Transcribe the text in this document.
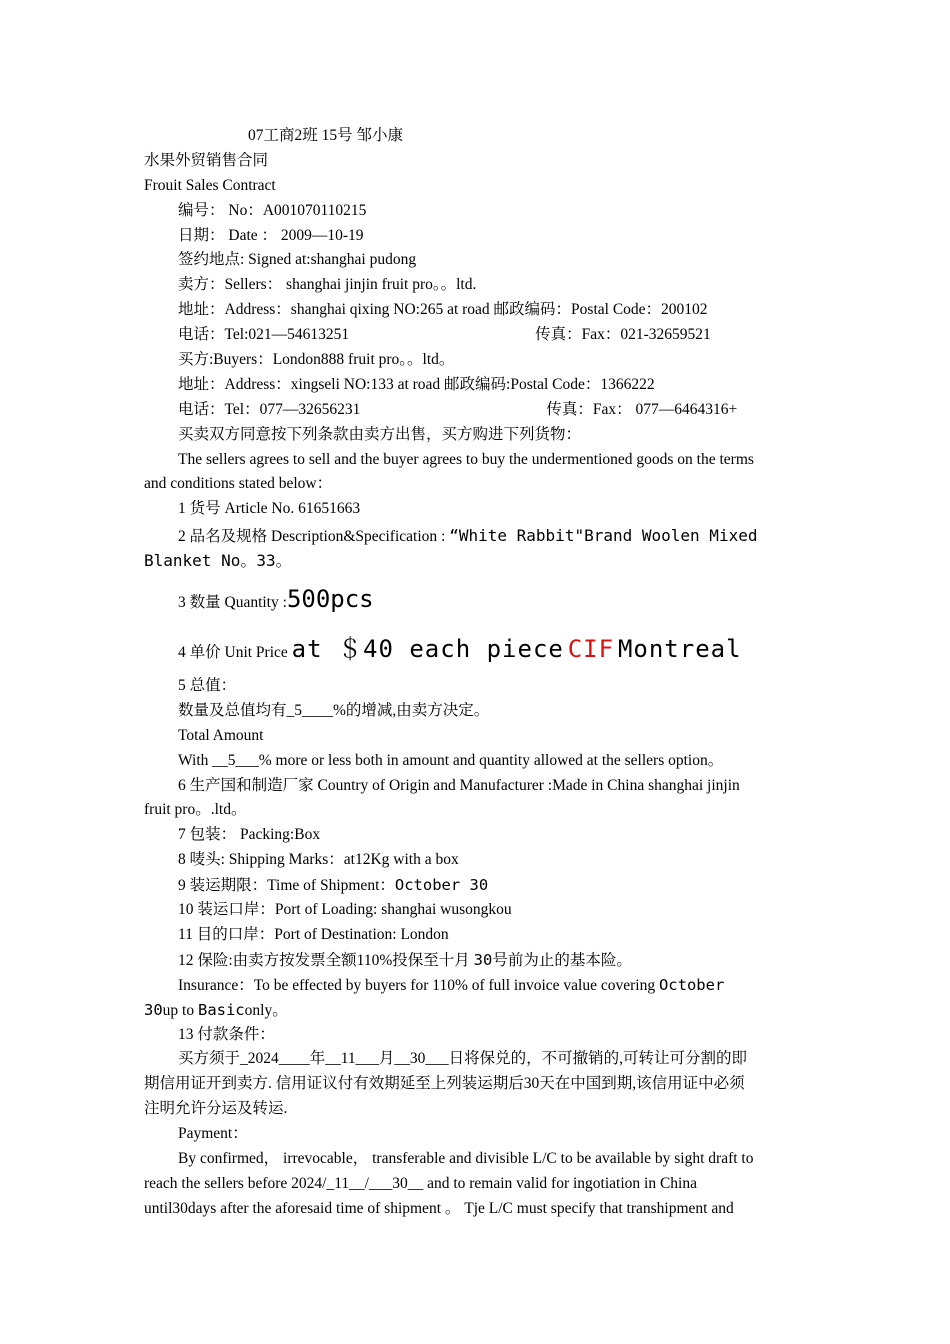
07工商2班 15号 邹小康
水果外贸销售合同
Frouit Sales Contract
编号： No：A001070110215
日期： Date ： 2009—10-19
签约地点: Signed at:shanghai pudong
卖方：Sellers： shanghai jinjin fruit pro。。ltd.
地址：Address：shanghai qixing NO:265 at road 邮政编码：Postal Code：200102
电话：Tel:021—54613251	传真：Fax：021-32659521
买方:Buyers：London888 fruit pro。。ltd。
地址：Address：xingseli NO:133 at road 邮政编码:Postal Code：1366222
电话：Tel：077—32656231	传真：Fax： 077—6464316+
买卖双方同意按下列条款由卖方出售，买方购进下列货物：
The sellers agrees to sell and the buyer agrees to buy the undermentioned goods on the terms
and conditions stated below：
1 货号 Article No. 61651663
2 品名及规格 Description&Specification : “White Rabbit"Brand Woolen Mixed
Blanket No。33。
3 数量 Quantity :500pcs
4 单价 Unit Price at ＄40 each piece CIF Montreal
5 总值：
数量及总值均有_5____%的增减,由卖方决定。
Total Amount
With __5___% more or less both in amount and quantity allowed at the sellers option。
6 生产国和制造厂家 Country of Origin and Manufacturer :Made in China shanghai jinjin
fruit pro。.ltd。
7 包装： Packing:Box
8 唛头: Shipping Marks：at12Kg with a box
9 装运期限：Time of Shipment：October 30
10 装运口岸：Port of Loading: shanghai wusongkou
11 目的口岸：Port of Destination: London
12 保险:由卖方按发票全额110%投保至十月 30号前为止的基本险。
Insurance：To be effected by buyers for 110% of full invoice value covering October
30up to Basiconly。
13 付款条件：
买方须于_2024____年__11___月__30___日将保兑的，不可撤销的,可转让可分割的即
期信用证开到卖方. 信用证议付有效期延至上列装运期后30天在中国到期,该信用证中必须
注明允许分运及转运.
Payment：
By confirmed， irrevocable， transferable and divisible L/C to be available by sight draft to
reach the sellers before 2024/_11__/___30__ and to remain valid for ingotiation in China
until30days after the aforesaid time of shipment 。 Tje L/C must specify that transhipment and
